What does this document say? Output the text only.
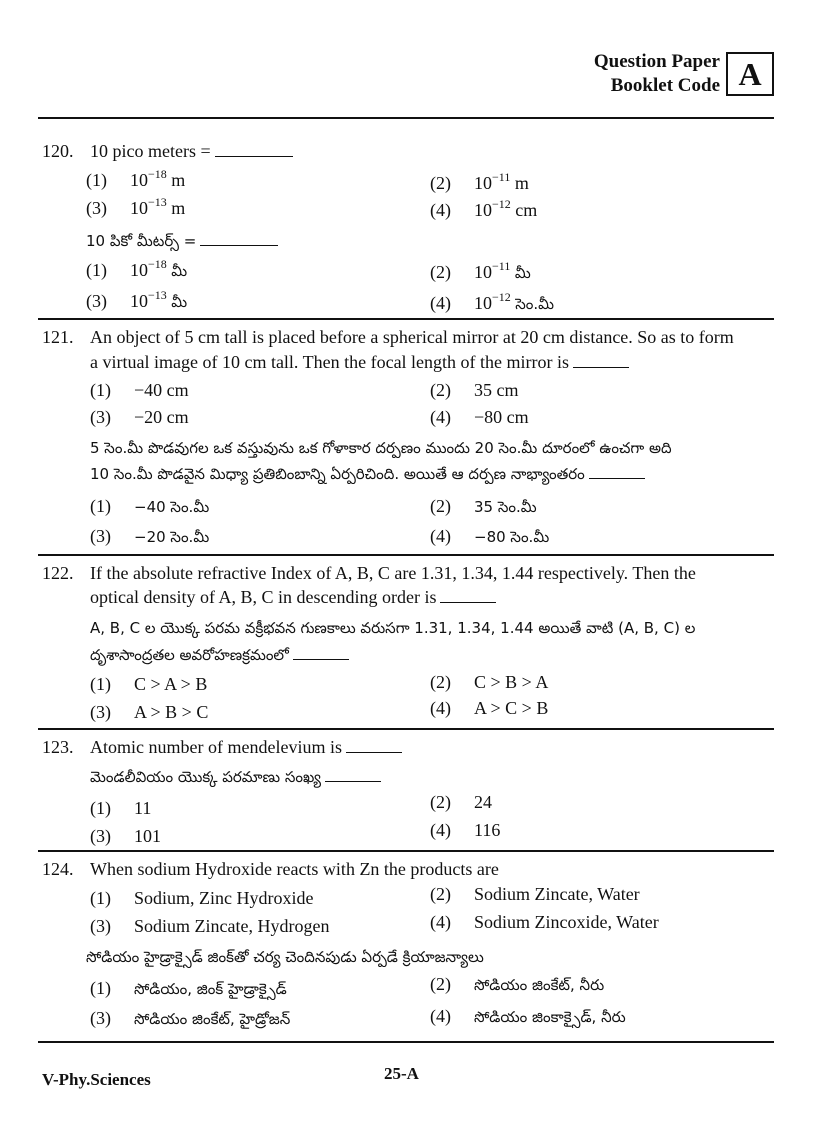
Question Paper
Booklet Code A
120. 10 pico meters =
(1) $10^{-18}$ m	(2) $10^{-11}$ m
(3) $10^{-13}$ m	(4) $10^{-12}$ cm
10 పికో మీటర్స్ =
(1) $10^{-18}$ మీ	(2) $10^{-11}$ మీ
(3) $10^{-13}$ మీ	(4) $10^{-12}$ సెం.మీ
121. An object of 5 cm tall is placed before a spherical mirror at 20 cm distance. So as to form
a virtual image of 10 cm tall. Then the focal length of the mirror is
(1) −40 cm	(2) 35 cm
(3) −20 cm	(4) −80 cm
5 సెం.మీ పొడవుగల ఒక వస్తువును ఒక గోళాకార దర్పణం ముందు 20 సెం.మీ దూరంలో ఉంచగా అది
10 సెం.మీ పొడవైన మిధ్యా ప్రతిబింబాన్ని ఏర్పరిచింది. అయితే ఆ దర్పణ నాభ్యాంతరం
(1) −40 సెం.మీ	(2) 35 సెం.మీ
(3) −20 సెం.మీ	(4) −80 సెం.మీ
122. If the absolute refractive Index of A, B, C are 1.31, 1.34, 1.44 respectively. Then the
optical density of A, B, C in descending order is
A, B, C ల యొక్క పరమ వక్రీభవన గుణకాలు వరుసగా 1.31, 1.34, 1.44 అయితే వాటి (A, B, C) ల
దృశాసాంద్రతల అవరోహణక్రమంలో
(1) C > A > B	(2) C > B > A
(3) A > B > C	(4) A > C > B
123. Atomic number of mendelevium is
మెండలీవియం యొక్క పరమాణు సంఖ్య
(1) 11	(2) 24
(3) 101	(4) 116
124. When sodium Hydroxide reacts with Zn the products are
(1) Sodium, Zinc Hydroxide	(2) Sodium Zincate, Water
(3) Sodium Zincate, Hydrogen	(4) Sodium Zincoxide, Water
సోడియం హైడ్రాక్సైడ్ జింక్‌తో చర్య చెందినపుడు ఏర్పడే క్రియాజన్యాలు
(1) సోడియం, జింక్ హైడ్రాక్సైడ్	(2) సోడియం జింకేట్, నీరు
(3) సోడియం జింకేట్, హైడ్రోజన్	(4) సోడియం జింకాక్సైడ్, నీరు
V-Phy.Sciences	25-A
